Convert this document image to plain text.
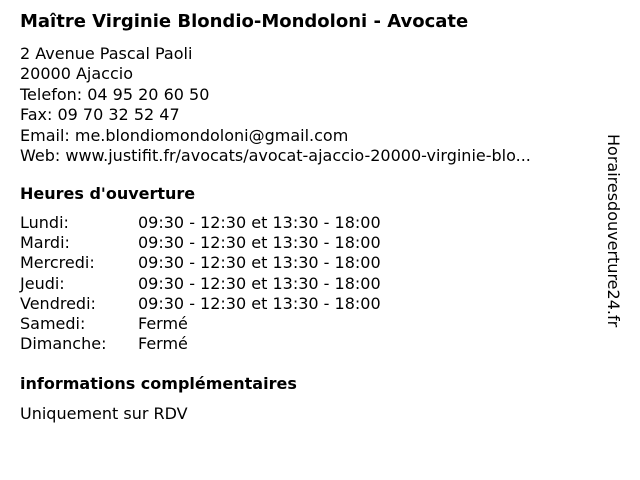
Maître Virginie Blondio-Mondoloni - Avocate
2 Avenue Pascal Paoli
20000 Ajaccio
Telefon: 04 95 20 60 50
Fax: 09 70 32 52 47
Email: me.blondiomondoloni@gmail.com
Web: www.justifit.fr/avocats/avocat-ajaccio-20000-virginie-blo...
Heures d'ouverture
Lundi:	09:30 - 12:30 et 13:30 - 18:00
Mardi:	09:30 - 12:30 et 13:30 - 18:00
Mercredi:	09:30 - 12:30 et 13:30 - 18:00
Jeudi:	09:30 - 12:30 et 13:30 - 18:00
Vendredi:	09:30 - 12:30 et 13:30 - 18:00
Samedi:	Fermé
Dimanche:	Fermé
informations complémentaires
Uniquement sur RDV
Horairesdouverture24.fr
